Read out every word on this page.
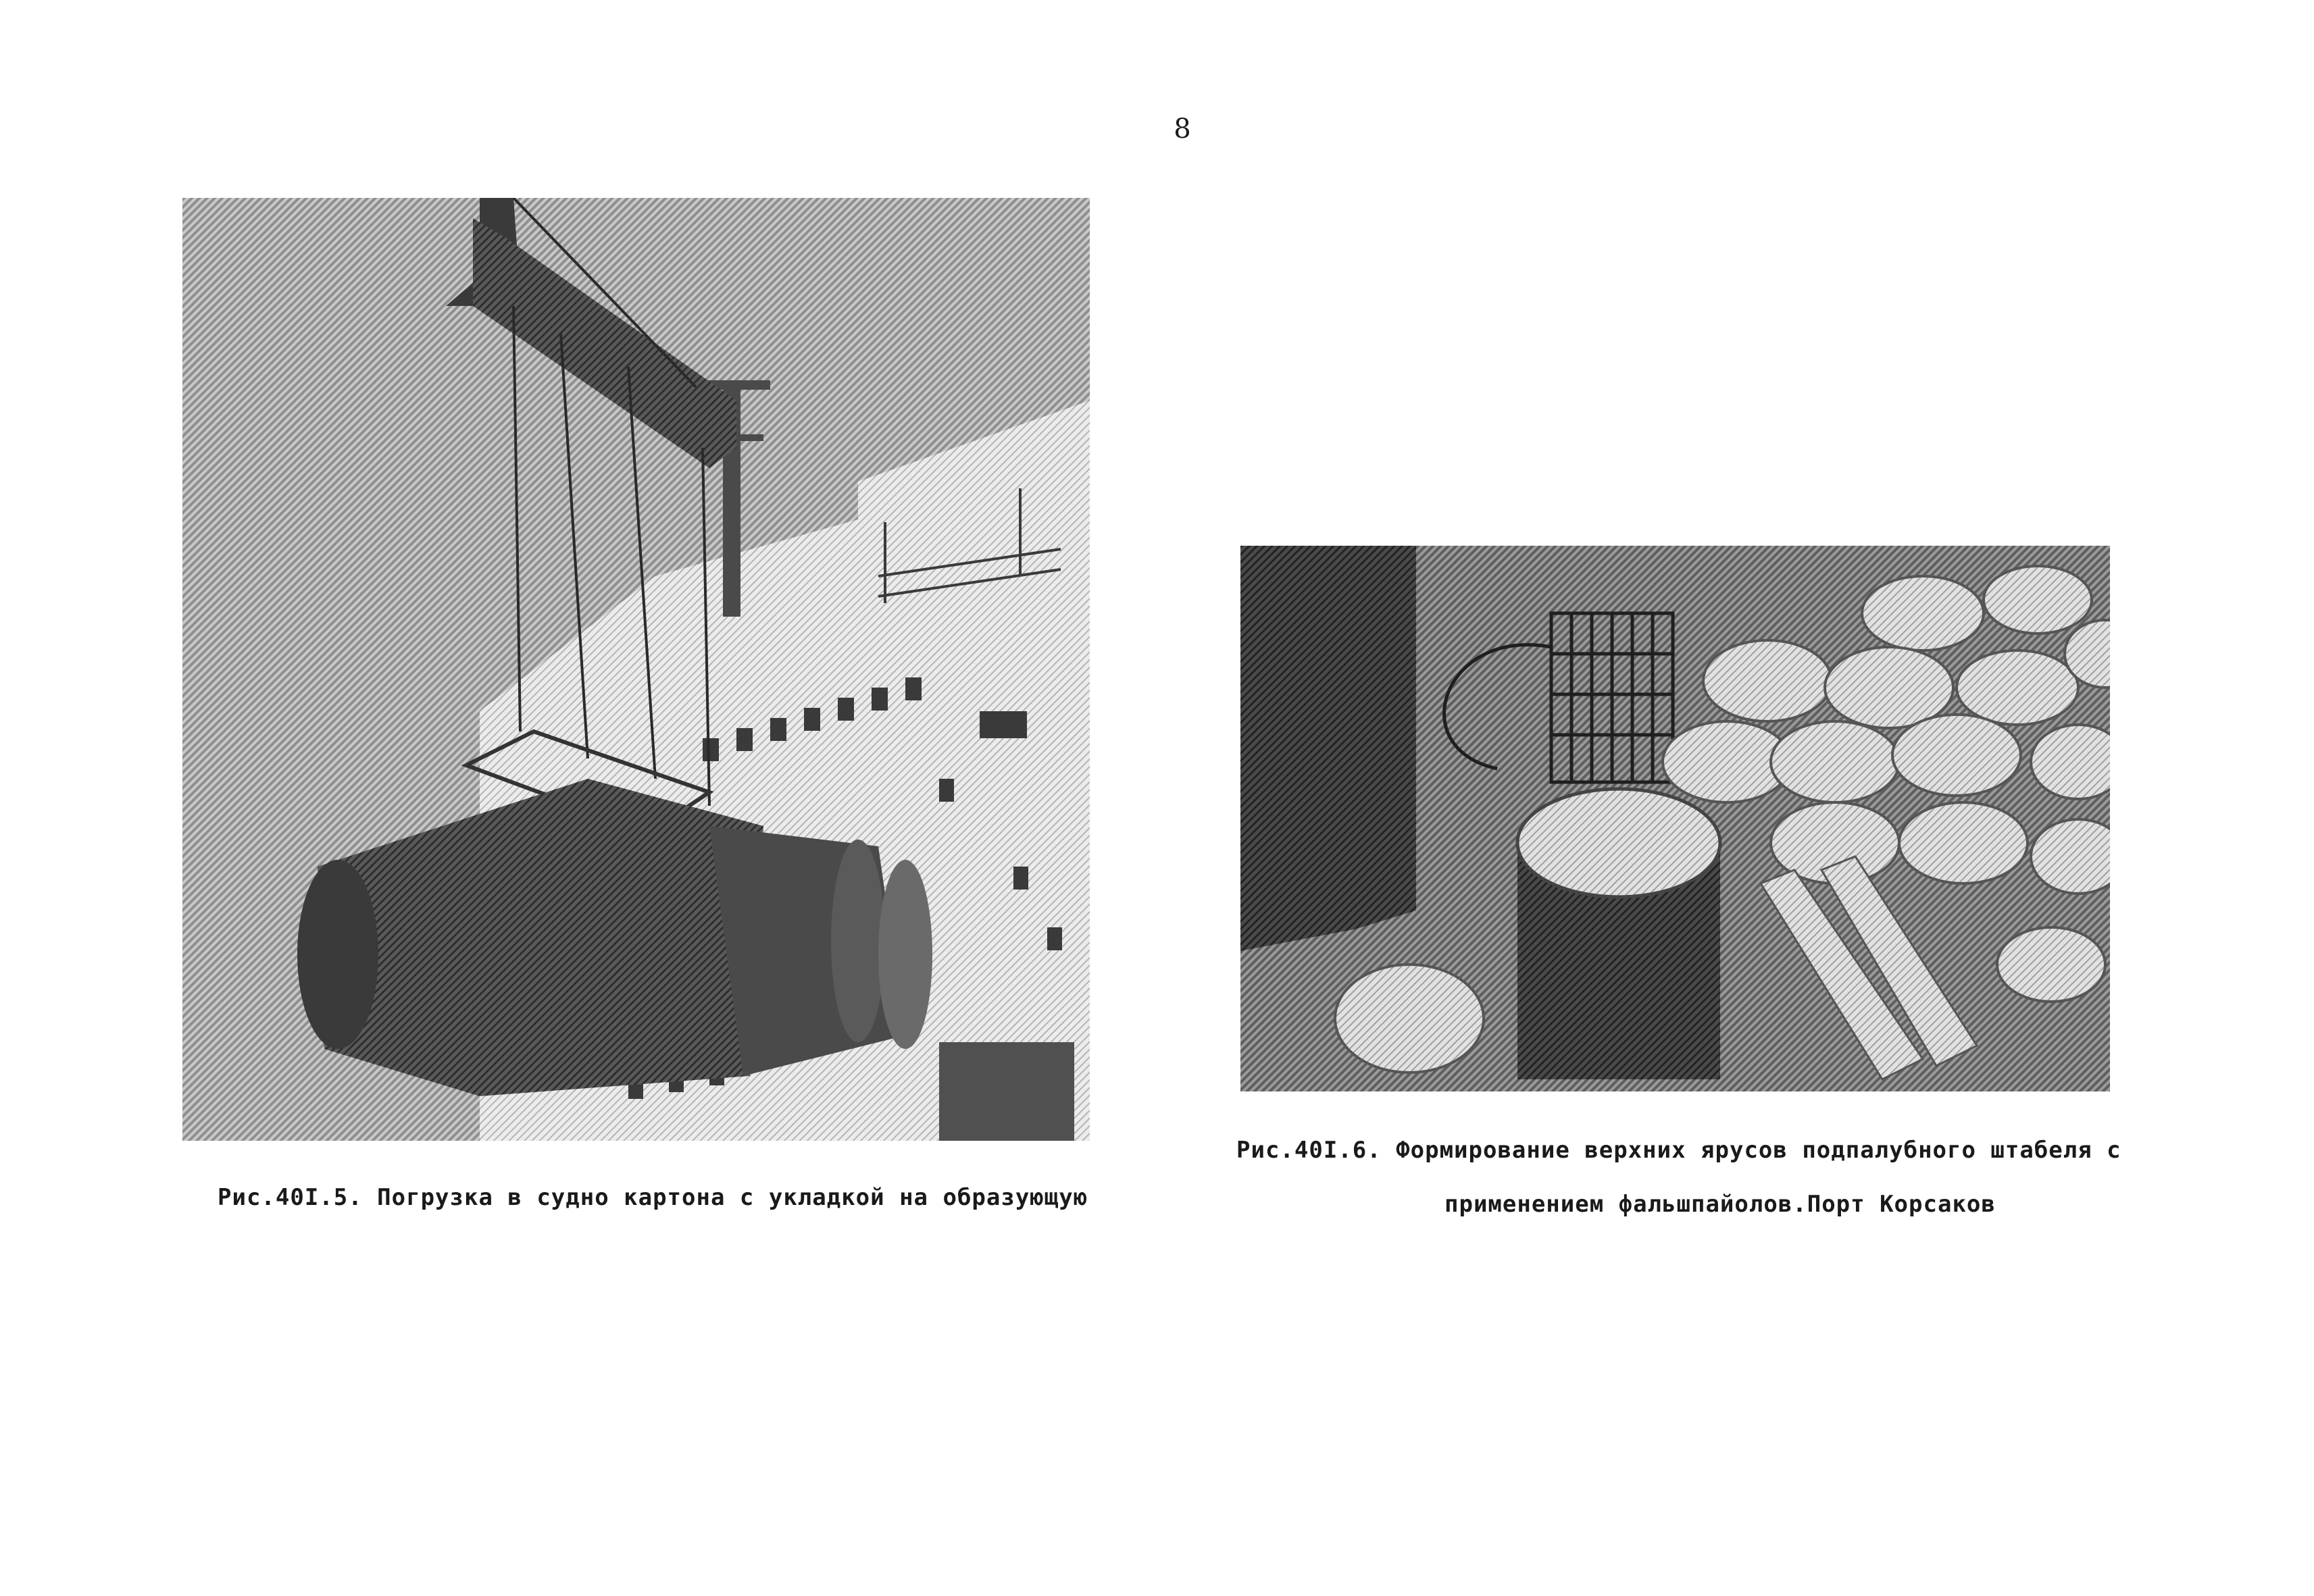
8
Рис.40I.5. Погрузка в судно картона с укладкой на образующую
Рис.40I.6. Формирование верхних ярусов подпалубного штабеля с
применением фальшпайолов.Порт Корсаков
